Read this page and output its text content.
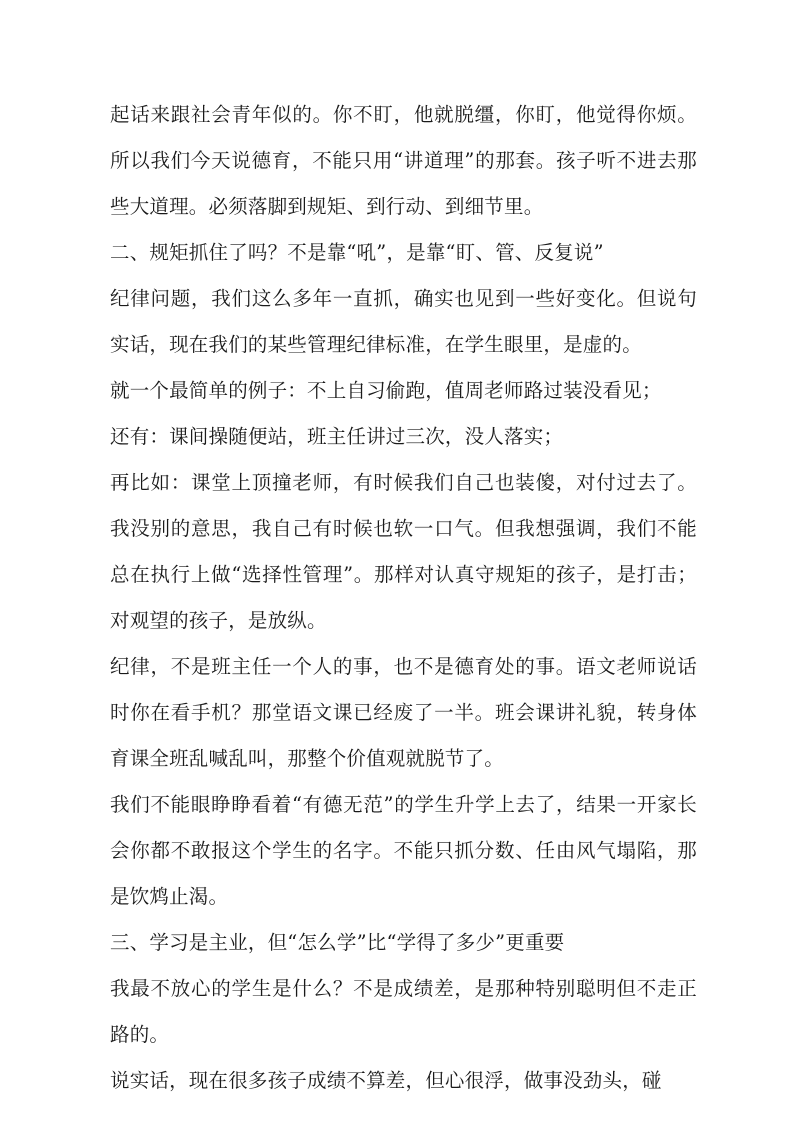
起话来跟社会青年似的。你不盯，他就脱缰，你盯，他觉得你烦。所以我们今天说德育，不能只用“讲道理”的那套。孩子听不进去那些大道理。必须落脚到规矩、到行动、到细节里。

二、规矩抓住了吗？不是靠“吼”，是靠“盯、管、反复说”

纪律问题，我们这么多年一直抓，确实也见到一些好变化。但说句实话，现在我们的某些管理纪律标准，在学生眼里，是虚的。

就一个最简单的例子：不上自习偷跑，值周老师路过装没看见；

还有：课间操随便站，班主任讲过三次，没人落实；

再比如：课堂上顶撞老师，有时候我们自己也装傻，对付过去了。我没别的意思，我自己有时候也软一口气。但我想强调，我们不能总在执行上做“选择性管理”。那样对认真守规矩的孩子，是打击；对观望的孩子，是放纵。

纪律，不是班主任一个人的事，也不是德育处的事。语文老师说话时你在看手机？那堂语文课已经废了一半。班会课讲礼貌，转身体育课全班乱喊乱叫，那整个价值观就脱节了。

我们不能眼睁睁看着“有德无范”的学生升学上去了，结果一开家长会你都不敢报这个学生的名字。不能只抓分数、任由风气塌陷，那是饮鸩止渴。

三、学习是主业，但“怎么学”比“学得了多少”更重要

我最不放心的学生是什么？不是成绩差，是那种特别聪明但不走正路的。

说实话，现在很多孩子成绩不算差，但心很浮，做事没劲头，碰
